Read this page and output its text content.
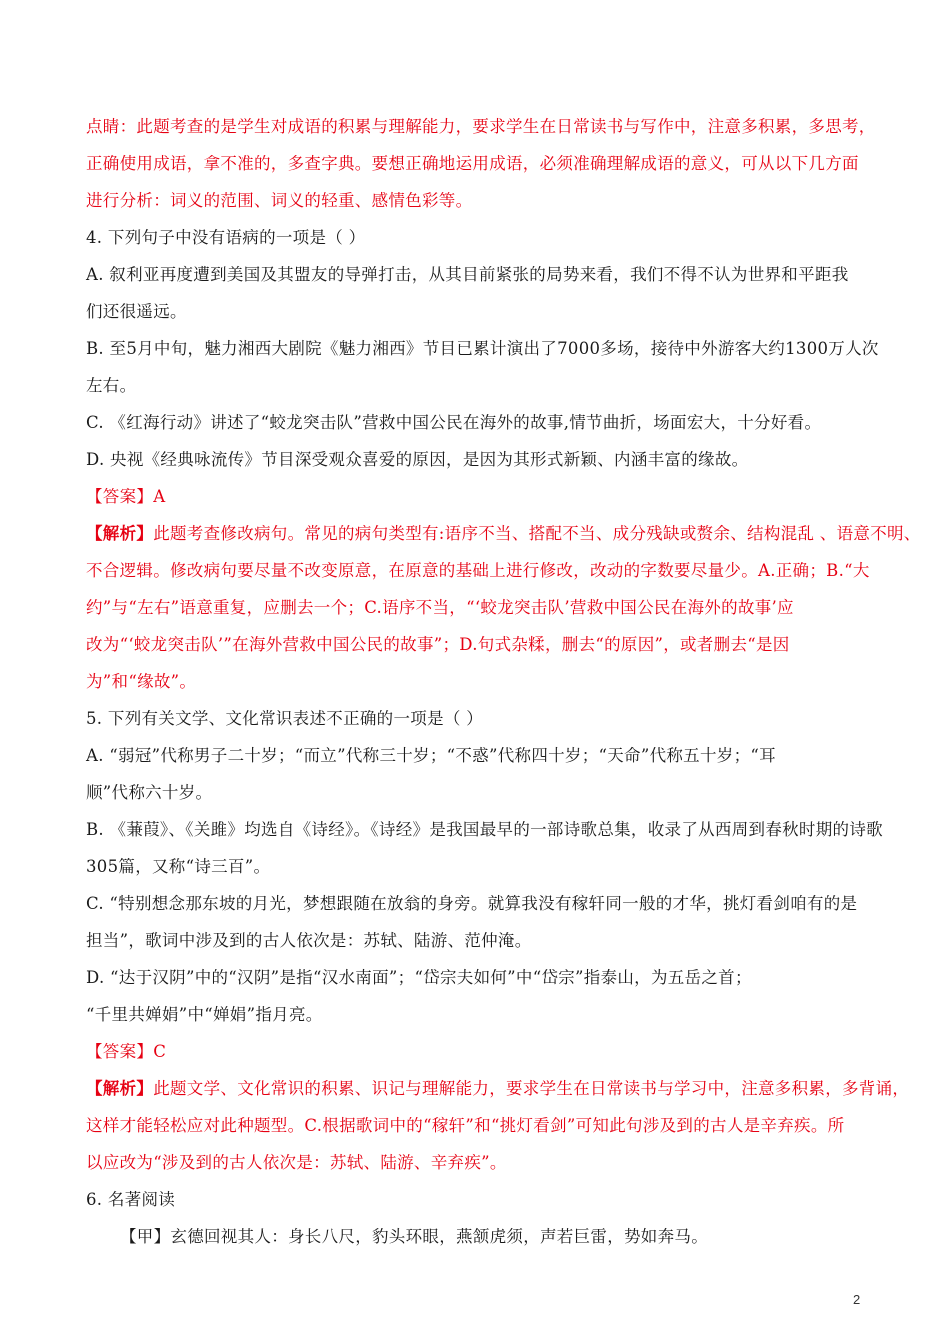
点睛：此题考查的是学生对成语的积累与理解能力，要求学生在日常读书与写作中，注意多积累，多思考，
正确使用成语，拿不准的，多查字典。要想正确地运用成语，必须准确理解成语的意义，可从以下几方面
进行分析：词义的范围、词义的轻重、感情色彩等。
4. 下列句子中没有语病的一项是（ ）
A. 叙利亚再度遭到美国及其盟友的导弹打击，从其目前紧张的局势来看，我们不得不认为世界和平距我
们还很遥远。
B. 至5月中旬，魅力湘西大剧院《魅力湘西》节目已累计演出了7000多场，接待中外游客大约1300万人次
左右。
C. 《红海行动》讲述了“蛟龙突击队”营救中国公民在海外的故事,情节曲折，场面宏大，十分好看。
D. 央视《经典咏流传》节目深受观众喜爱的原因，是因为其形式新颖、内涵丰富的缘故。
【答案】A
【解析】此题考查修改病句。常见的病句类型有:语序不当、搭配不当、成分残缺或赘余、结构混乱 、语意不明、
不合逻辑。修改病句要尽量不改变原意，在原意的基础上进行修改，改动的字数要尽量少。A.正确；B.“大
约”与“左右”语意重复，应删去一个；C.语序不当，“‘蛟龙突击队’营救中国公民在海外的故事’应
改为“‘蛟龙突击队’”在海外营救中国公民的故事”；D.句式杂糅，删去“的原因”，或者删去“是因
为”和“缘故”。
5. 下列有关文学、文化常识表述不正确的一项是（ ）
A. “弱冠”代称男子二十岁；“而立”代称三十岁；“不惑”代称四十岁；“天命”代称五十岁；“耳
顺”代称六十岁。
B. 《蒹葭》、《关雎》均选自《诗经》。《诗经》是我国最早的一部诗歌总集，收录了从西周到春秋时期的诗歌
305篇，又称“诗三百”。
C. “特别想念那东坡的月光，梦想跟随在放翁的身旁。就算我没有稼轩同一般的才华，挑灯看剑咱有的是
担当”，歌词中涉及到的古人依次是：苏轼、陆游、范仲淹。
D. “达于汉阴”中的“汉阴”是指“汉水南面”；“岱宗夫如何”中“岱宗”指泰山，为五岳之首；
“千里共婵娟”中“婵娟”指月亮。
【答案】C
【解析】此题文学、文化常识的积累、识记与理解能力，要求学生在日常读书与学习中，注意多积累，多背诵，
这样才能轻松应对此种题型。C.根据歌词中的“稼轩”和“挑灯看剑”可知此句涉及到的古人是辛弃疾。所
以应改为“涉及到的古人依次是：苏轼、陆游、辛弃疾”。
6. 名著阅读
【甲】玄德回视其人：身长八尺，豹头环眼，燕颔虎须，声若巨雷，势如奔马。
2
